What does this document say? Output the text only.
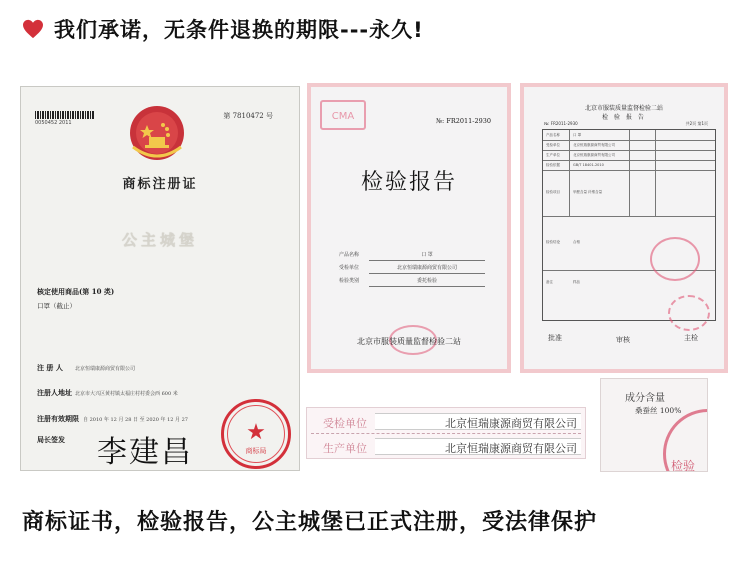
我们承诺，无条件退换的期限---永久!
0050452 2011
第 7810472 号
商标注册证
公主城堡
核定使用商品(第 10 类)
口罩（截止）
注 册 人 北京恒瑞康源商贸有限公司
注册人地址 北京市大兴区黄村镇太福庄村村委会西 600 米
注册有效期限 自 2010 年 12 月 28 日 至 2020 年 12 月 27
局长签发 李建昌
★
商标局
CMA	№: FR2011-2930
检验报告
产品名称	口 罩
受检单位	北京恒瑞康源商贸有限公司
检验类别	委托检验
北京市服装质量监督检验二站
北京市服装质量监督检验二站
检 验 报 告
№: FR2011-2930	共2页 第1页
产品名称	口 罩
受检单位	北京恒瑞康源商贸有限公司
生产单位	北京恒瑞康源商贸有限公司
检验依据	GB/T 18401-2010
检验项目	甲醛含量 纤维含量
检验结论	合格
备注	样品
批准	审核	主检
受检单位	北京恒瑞康源商贸有限公司
生产单位	北京恒瑞康源商贸有限公司
成分含量
桑蚕丝 100%
检验
商标证书，检验报告，公主城堡已正式注册，受法律保护
